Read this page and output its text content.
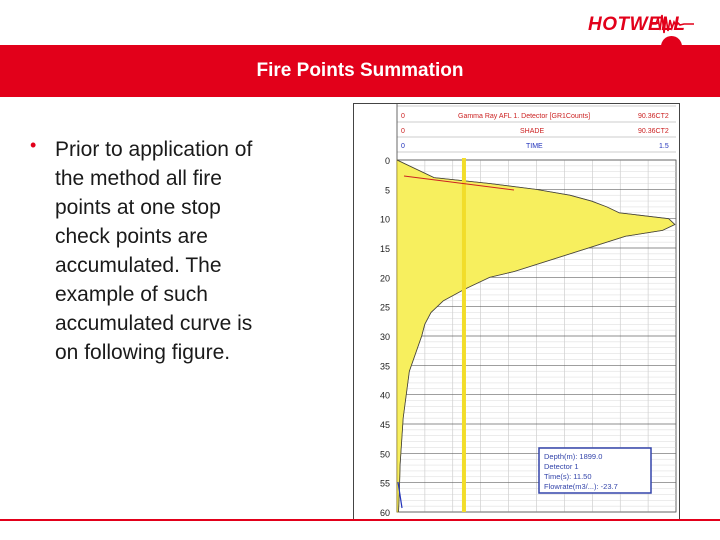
HOTWELL
Fire Points Summation
• Prior to application of the method all fire points at one stop check points are accumulated. The example of such accumulated curve is on following figure.
0	Gamma Ray AFL 1. Detector [GR1Counts]	90.36CT2
0	SHADE	90.36CT2
0	TIME	1.5
0
5
10
15
20
25
30
35
40
45
50
55
60
Depth(m): 1899.0
Detector 1
Time(s): 11.50
Flowrate(m3/...): -23.7
